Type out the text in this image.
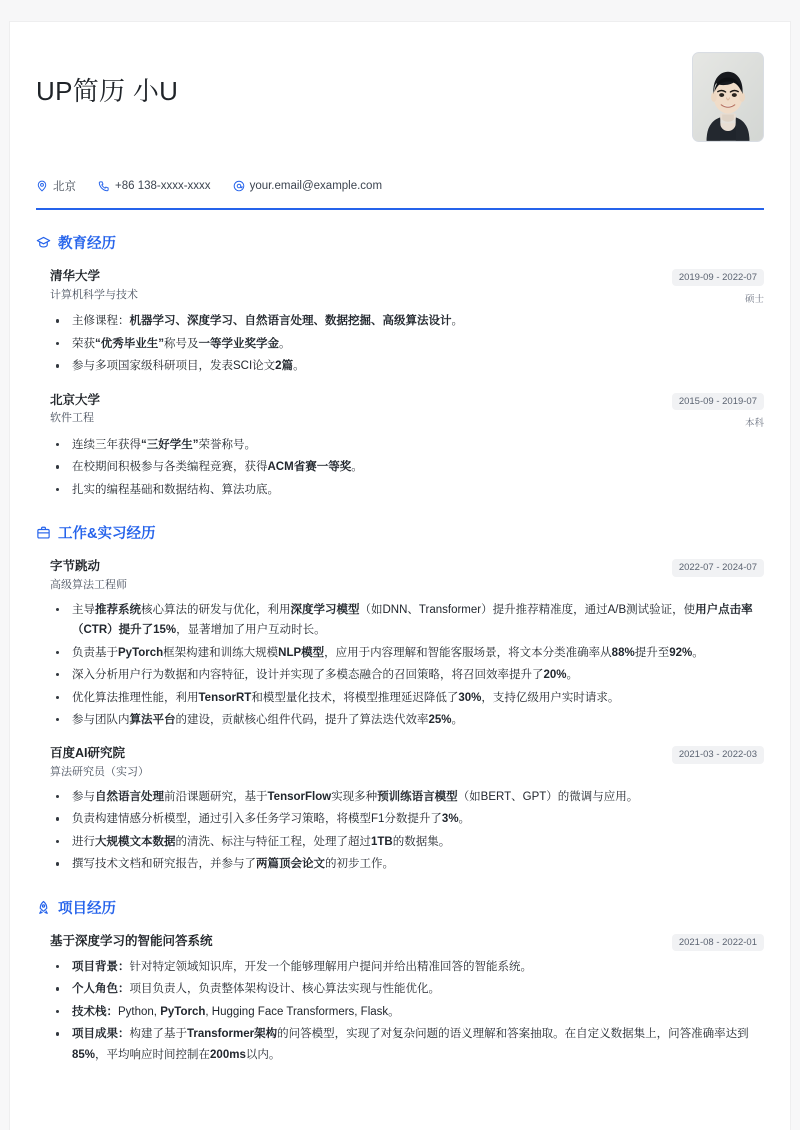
UP简历 小U
北京	+86 138-xxxx-xxxx	your.email@example.com
教育经历
清华大学
计算机科学与技术
2019-09 - 2022-07
硕士
主修课程：机器学习、深度学习、自然语言处理、数据挖掘、高级算法设计。
荣获“优秀毕业生”称号及一等学业奖学金。
参与多项国家级科研项目，发表SCI论文2篇。
北京大学
软件工程
2015-09 - 2019-07
本科
连续三年获得“三好学生”荣誉称号。
在校期间积极参与各类编程竞赛，获得ACM省赛一等奖。
扎实的编程基础和数据结构、算法功底。
工作&实习经历
字节跳动
高级算法工程师
2022-07 - 2024-07
主导推荐系统核心算法的研发与优化，利用深度学习模型（如DNN、Transformer）提升推荐精准度，通过A/B测试验证，使用户点击率（CTR）提升了15%，显著增加了用户互动时长。
负责基于PyTorch框架构建和训练大规模NLP模型，应用于内容理解和智能客服场景，将文本分类准确率从88%提升至92%。
深入分析用户行为数据和内容特征，设计并实现了多模态融合的召回策略，将召回效率提升了20%。
优化算法推理性能，利用TensorRT和模型量化技术，将模型推理延迟降低了30%，支持亿级用户实时请求。
参与团队内算法平台的建设，贡献核心组件代码，提升了算法迭代效率25%。
百度AI研究院
算法研究员（实习）
2021-03 - 2022-03
参与自然语言处理前沿课题研究，基于TensorFlow实现多种预训练语言模型（如BERT、GPT）的微调与应用。
负责构建情感分析模型，通过引入多任务学习策略，将模型F1分数提升了3%。
进行大规模文本数据的清洗、标注与特征工程，处理了超过1TB的数据集。
撰写技术文档和研究报告，并参与了两篇顶会论文的初步工作。
项目经历
基于深度学习的智能问答系统	2021-08 - 2022-01
项目背景：针对特定领域知识库，开发一个能够理解用户提问并给出精准回答的智能系统。
个人角色：项目负责人，负责整体架构设计、核心算法实现与性能优化。
技术栈：Python, PyTorch, Hugging Face Transformers, Flask。
项目成果：构建了基于Transformer架构的问答模型，实现了对复杂问题的语义理解和答案抽取。在自定义数据集上，问答准确率达到85%，平均响应时间控制在200ms以内。
